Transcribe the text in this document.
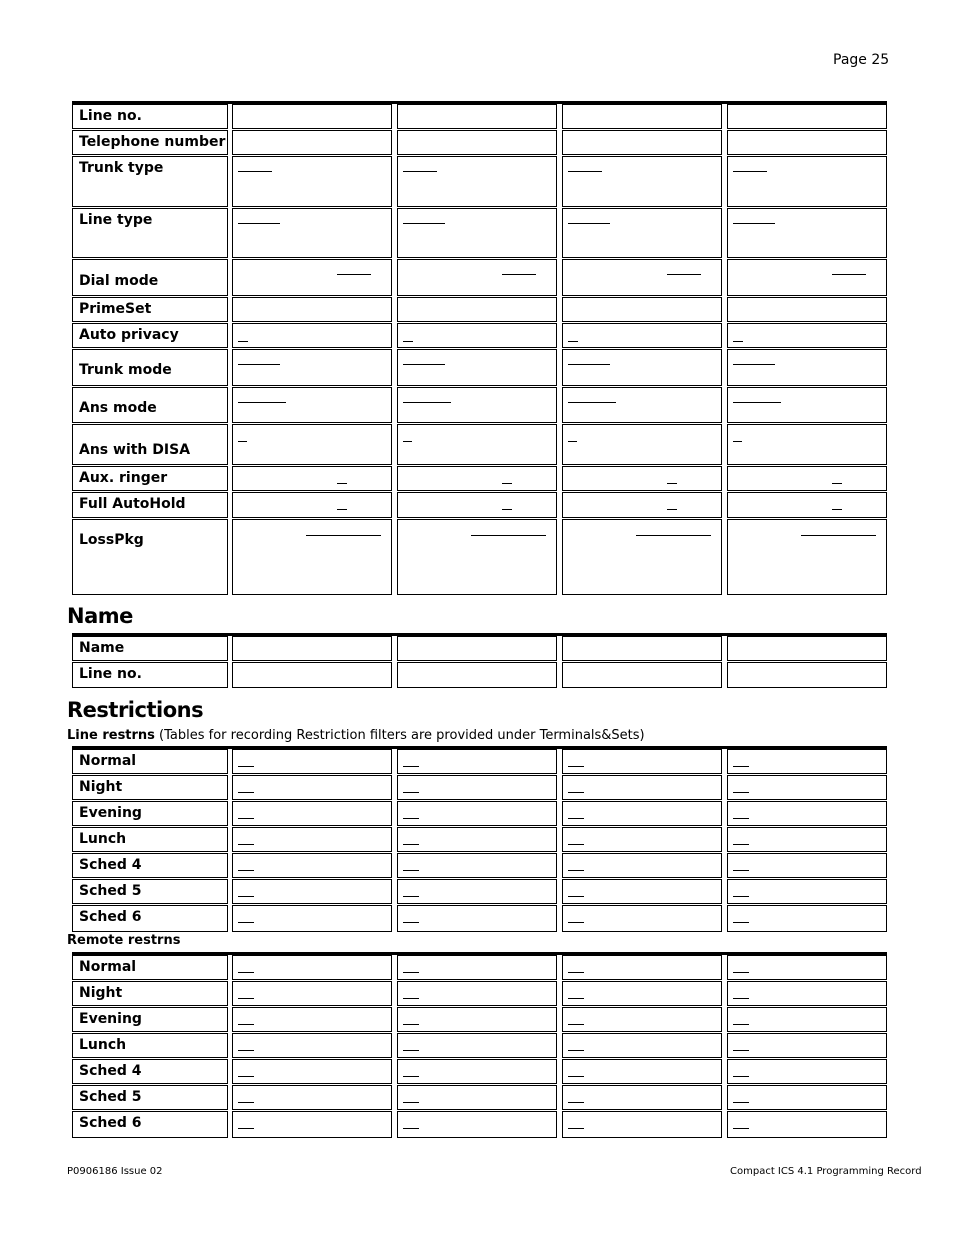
Page 25
Line no.
Telephone number
Trunk type
Line type
Dial mode
PrimeSet
Auto privacy
Trunk mode
Ans mode
Ans with DISA
Aux. ringer
Full AutoHold
LossPkg
Name
Name
Line no.
Restrictions
Line restrns (Tables for recording Restriction filters are provided under Terminals&Sets)
Normal
Night
Evening
Lunch
Sched 4
Sched 5
Sched 6
Remote restrns
Normal
Night
Evening
Lunch
Sched 4
Sched 5
Sched 6
P0906186 Issue 02	Compact ICS 4.1 Programming Record
